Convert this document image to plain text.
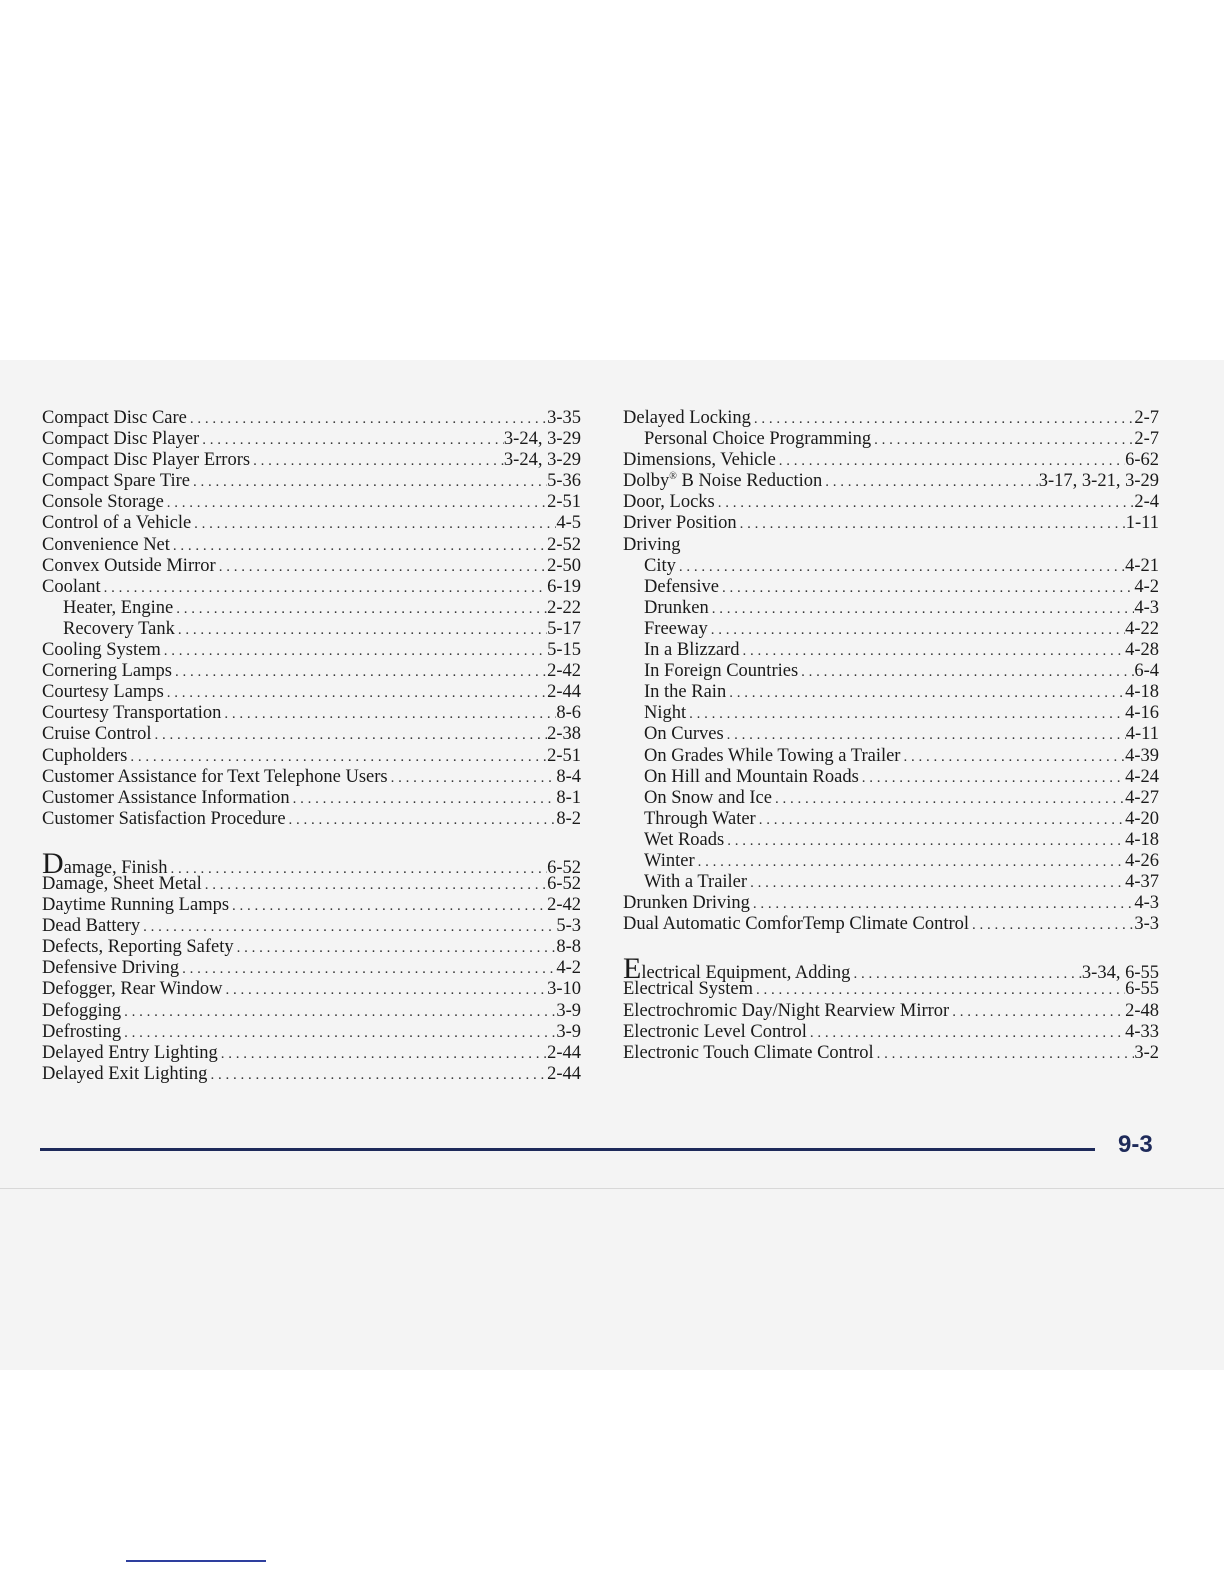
Compact Disc Care . . .	3-35
Compact Disc Player . . .	3-24, 3-29
Compact Disc Player Errors . . .	3-24, 3-29
Compact Spare Tire . . .	5-36
Console Storage . . .	2-51
Control of a Vehicle . . .	4-5
Convenience Net . . .	2-52
Convex Outside Mirror . . .	2-50
Coolant . . .	6-19
Heater, Engine . . .	2-22
Recovery Tank . . .	5-17
Cooling System . . .	5-15
Cornering Lamps . . .	2-42
Courtesy Lamps . . .	2-44
Courtesy Transportation . . .	8-6
Cruise Control . . .	2-38
Cupholders . . .	2-51
Customer Assistance for Text Telephone Users . . .	8-4
Customer Assistance Information . . .	8-1
Customer Satisfaction Procedure . . .	8-2
Damage, Finish . . .	6-52
Damage, Sheet Metal . . .	6-52
Daytime Running Lamps . . .	2-42
Dead Battery . . .	5-3
Defects, Reporting Safety . . .	8-8
Defensive Driving . . .	4-2
Defogger, Rear Window . . .	3-10
Defogging . . .	3-9
Defrosting . . .	3-9
Delayed Entry Lighting . . .	2-44
Delayed Exit Lighting . . .	2-44
Delayed Locking . . .	2-7
Personal Choice Programming . . .	2-7
Dimensions, Vehicle . . .	6-62
Dolby® B Noise Reduction . . .	3-17, 3-21, 3-29
Door, Locks . . .	2-4
Driver Position . . .	1-11
Driving
City . . .	4-21
Defensive . . .	4-2
Drunken . . .	4-3
Freeway . . .	4-22
In a Blizzard . . .	4-28
In Foreign Countries . . .	6-4
In the Rain . . .	4-18
Night . . .	4-16
On Curves . . .	4-11
On Grades While Towing a Trailer . . .	4-39
On Hill and Mountain Roads . . .	4-24
On Snow and Ice . . .	4-27
Through Water . . .	4-20
Wet Roads . . .	4-18
Winter . . .	4-26
With a Trailer . . .	4-37
Drunken Driving . . .	4-3
Dual Automatic ComforTemp Climate Control . . .	3-3
Electrical Equipment, Adding . . .	3-34, 6-55
Electrical System . . .	6-55
Electrochromic Day/Night Rearview Mirror . . .	2-48
Electronic Level Control . . .	4-33
Electronic Touch Climate Control . . .	3-2
9-3
